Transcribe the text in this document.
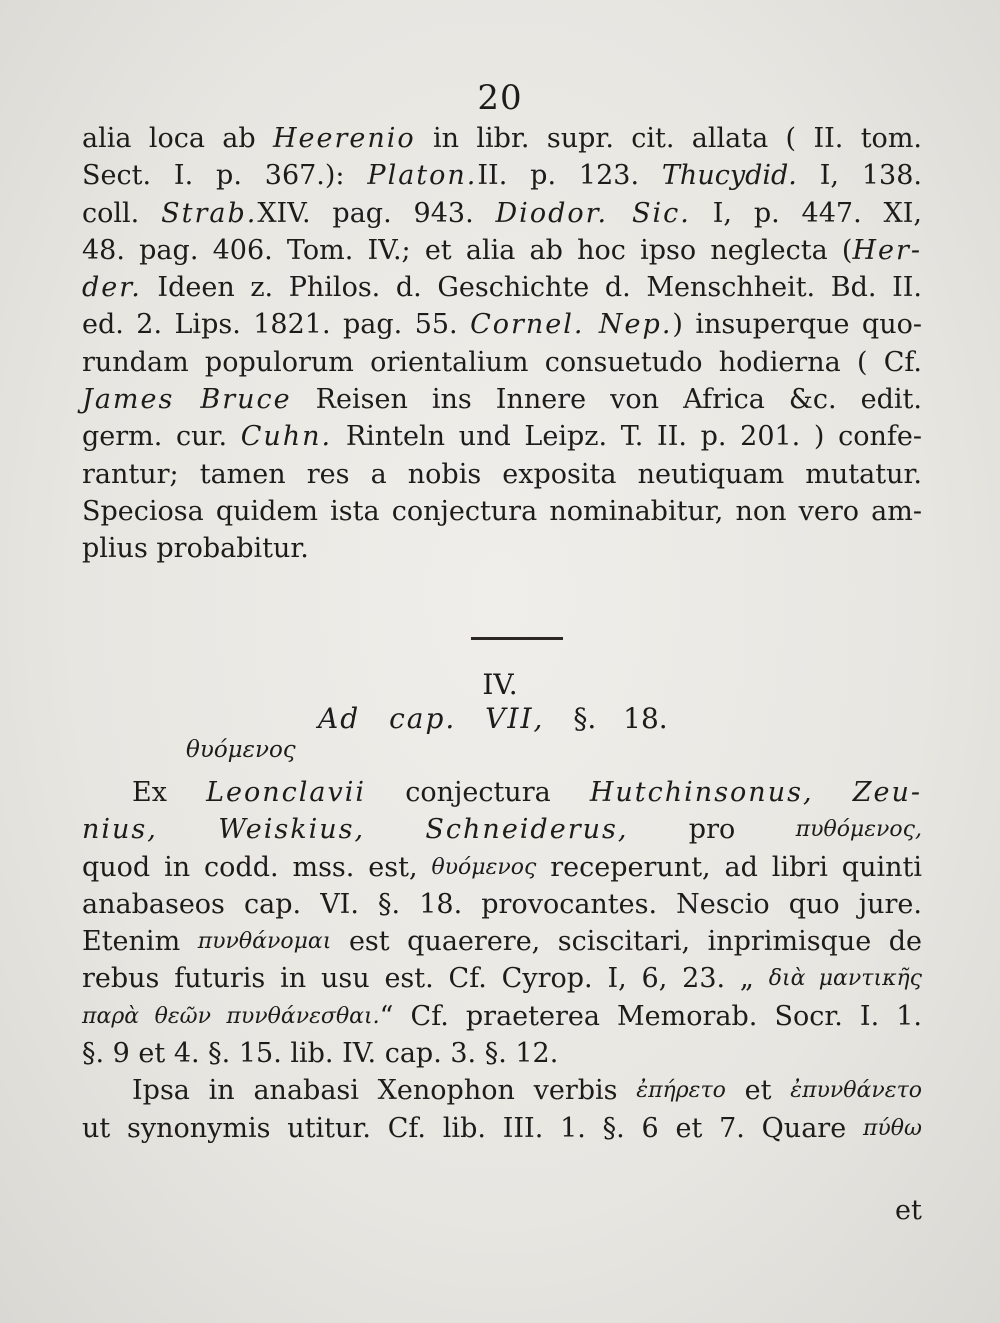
20
alia loca ab Heerenio in libr. supr. cit. allata ( II. tom.
Sect. I. p. 367.): Platon. II. p. 123. Thucydid. I, 138.
coll. Strab. XIV. pag. 943. Diodor. Sic. I, p. 447. XI,
48. pag. 406. Tom. IV.; et alia ab hoc ipso neglecta ( Her-
der. Ideen z. Philos. d. Geschichte d. Menschheit. Bd. II.
ed. 2. Lips. 1821. pag. 55. Cornel. Nep. ) insuperque quo-
rundam populorum orientalium consuetudo hodierna ( Cf.
James Bruce Reisen ins Innere von Africa &c. edit.
germ. cur. Cuhn. Rinteln und Leipz. T. II. p. 201. ) confe-
rantur; tamen res a nobis exposita neutiquam mutatur.
Speciosa quidem ista conjectura nominabitur, non vero am-
plius probabitur.
IV.
Ad cap. VII, §. 18.
θυόμενος
Ex Leonclavii conjectura Hutchinsonus,
Zeu-
nius,
Weiskius,
Schneiderus, pro πυθόμενος,
quod in codd. mss. est, θυόμενος receperunt, ad libri quinti
anabaseos cap. VI. §. 18. provocantes. Nescio quo jure.
Etenim πυνθάνομαι est quaerere, sciscitari, inprimisque de
rebus futuris in usu est. Cf. Cyrop. I, 6, 23. „ διὰ μαντικῆς
παρὰ θεῶν πυνθάνεσθαι. “ Cf. praeterea Memorab. Socr. I. 1.
§. 9 et 4. §. 15. lib. IV. cap. 3. §. 12.
Ipsa in anabasi Xenophon verbis ἐπήρετο et ἐπυνθάνετο
ut synonymis utitur. Cf. lib. III. 1. §. 6 et 7. Quare πύθω
et
